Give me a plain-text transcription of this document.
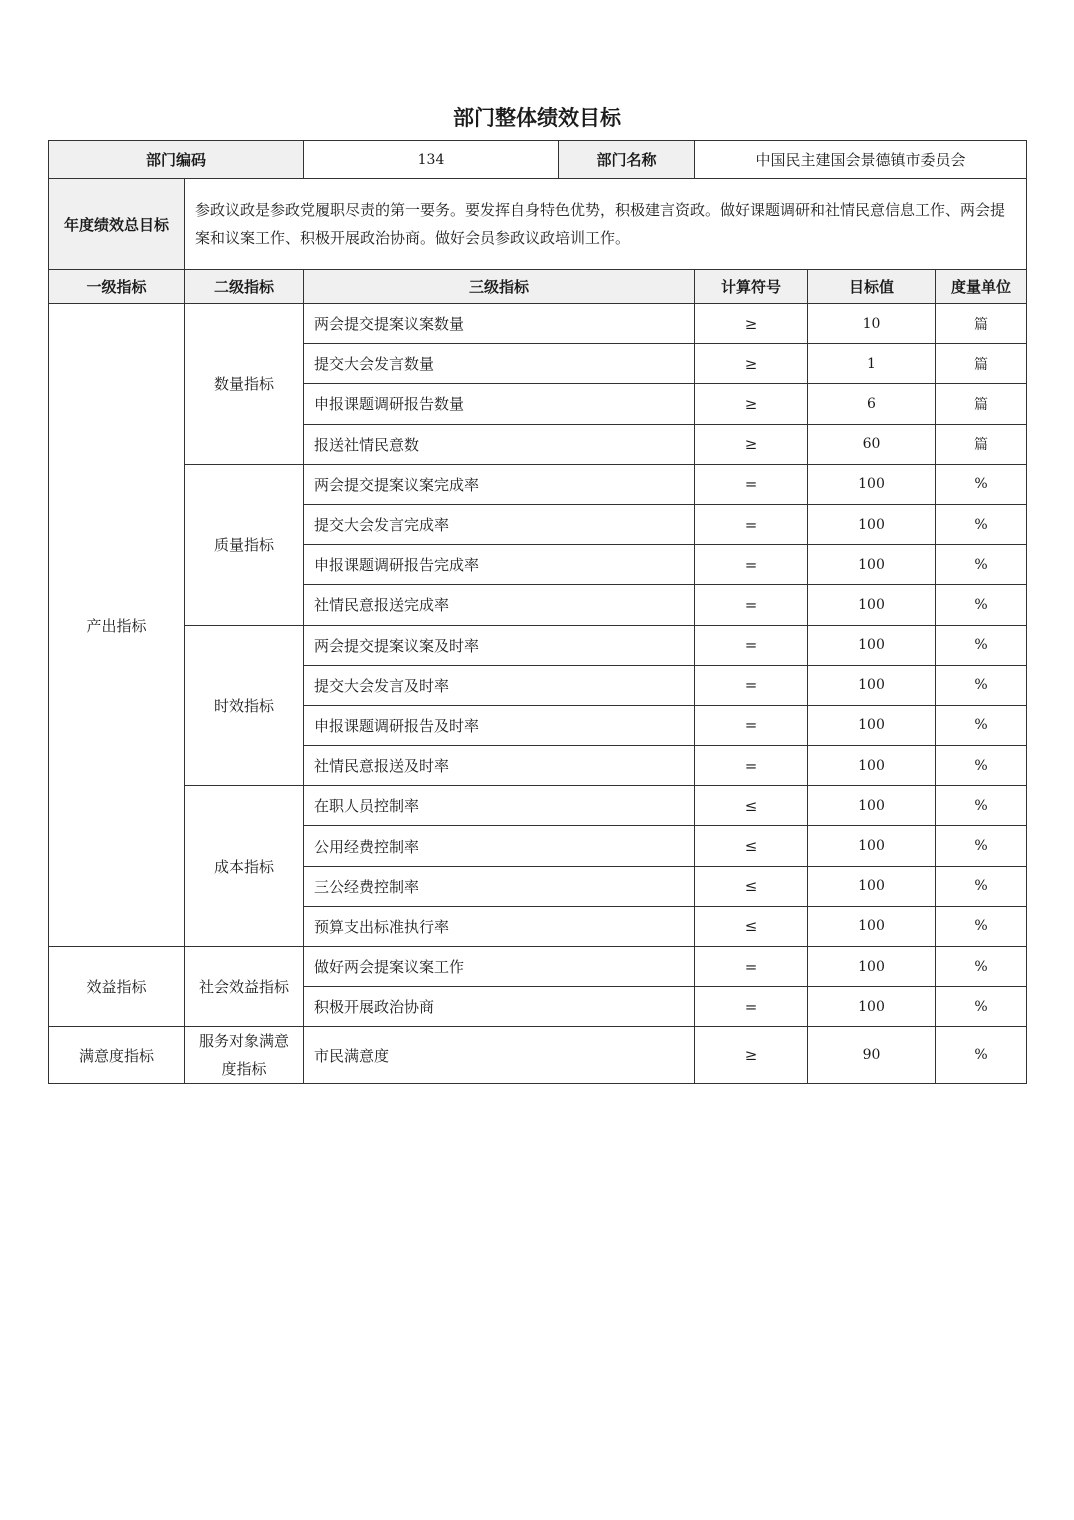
部门整体绩效目标
部门编码		134	部门名称	中国民主建国会景德镇市委员会		
年度绩效总目标	参政议政是参政党履职尽责的第一要务。要发挥自身特色优势，积极建言资政。做好课题调研和社情民意信息工作、两会提案和议案工作、积极开展政治协商。做好会员参政议政培训工作。					
一级指标	二级指标	三级指标		计算符号	目标值	度量单位
产出指标	数量指标	两会提交提案议案数量		≥	10	篇
		提交大会发言数量		≥	1	篇
		申报课题调研报告数量		≥	6	篇
		报送社情民意数		≥	60	篇
	质量指标	两会提交提案议案完成率		=	100	%
		提交大会发言完成率		=	100	%
		申报课题调研报告完成率		=	100	%
		社情民意报送完成率		=	100	%
	时效指标	两会提交提案议案及时率		=	100	%
		提交大会发言及时率		=	100	%
		申报课题调研报告及时率		=	100	%
		社情民意报送及时率		=	100	%
	成本指标	在职人员控制率		≤	100	%
		公用经费控制率		≤	100	%
		三公经费控制率		≤	100	%
		预算支出标准执行率		≤	100	%
效益指标	社会效益指标	做好两会提案议案工作		=	100	%
		积极开展政治协商		=	100	%
满意度指标	服务对象满意度指标	市民满意度		≥	90	%
